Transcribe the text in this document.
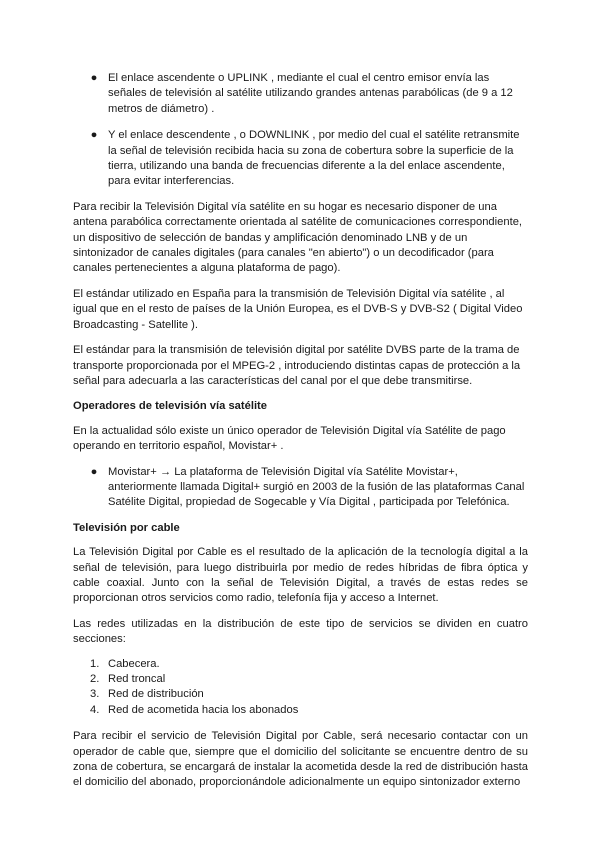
● El enlace ascendente o UPLINK , mediante el cual el centro emisor envía las señales de televisión al satélite utilizando grandes antenas parabólicas (de 9 a 12 metros de diámetro) .
● Y el enlace descendente , o DOWNLINK , por medio del cual el satélite retransmite la señal de televisión recibida hacia su zona de cobertura sobre la superficie de la tierra, utilizando una banda de frecuencias diferente a la del enlace ascendente, para evitar interferencias.

Para recibir la Televisión Digital vía satélite en su hogar es necesario disponer de una antena parabólica correctamente orientada al satélite de comunicaciones correspondiente, un dispositivo de selección de bandas y amplificación denominado LNB y de un sintonizador de canales digitales (para canales "en abierto") o un decodificador (para canales pertenecientes a alguna plataforma de pago).

El estándar utilizado en España para la transmisión de Televisión Digital vía satélite , al igual que en el resto de países de la Unión Europea, es el DVB-S y DVB-S2 ( Digital Video Broadcasting - Satellite ).

El estándar para la transmisión de televisión digital por satélite DVBS parte de la trama de transporte proporcionada por el MPEG-2 , introduciendo distintas capas de protección a la señal para adecuarla a las características del canal por el que debe transmitirse.

Operadores de televisión vía satélite

En la actualidad sólo existe un único operador de Televisión Digital vía Satélite de pago operando en territorio español, Movistar+ .

● Movistar+ → La plataforma de Televisión Digital vía Satélite Movistar+, anteriormente llamada Digital+ surgió en 2003 de la fusión de las plataformas Canal Satélite Digital, propiedad de Sogecable y Vía Digital , participada por Telefónica.
Televisión por cable

La Televisión Digital por Cable es el resultado de la aplicación de la tecnología digital a la señal de televisión, para luego distribuirla por medio de redes híbridas de fibra óptica y cable coaxial. Junto con la señal de Televisión Digital, a través de estas redes se proporcionan otros servicios como radio, telefonía fija y acceso a Internet.

Las redes utilizadas en la distribución de este tipo de servicios se dividen en cuatro secciones:

1. Cabecera.
2. Red troncal
3. Red de distribución
4. Red de acometida hacia los abonados

Para recibir el servicio de Televisión Digital por Cable, será necesario contactar con un operador de cable que, siempre que el domicilio del solicitante se encuentre dentro de su zona de cobertura, se encargará de instalar la acometida desde la red de distribución hasta el domicilio del abonado, proporcionándole adicionalmente un equipo sintonizador externo
